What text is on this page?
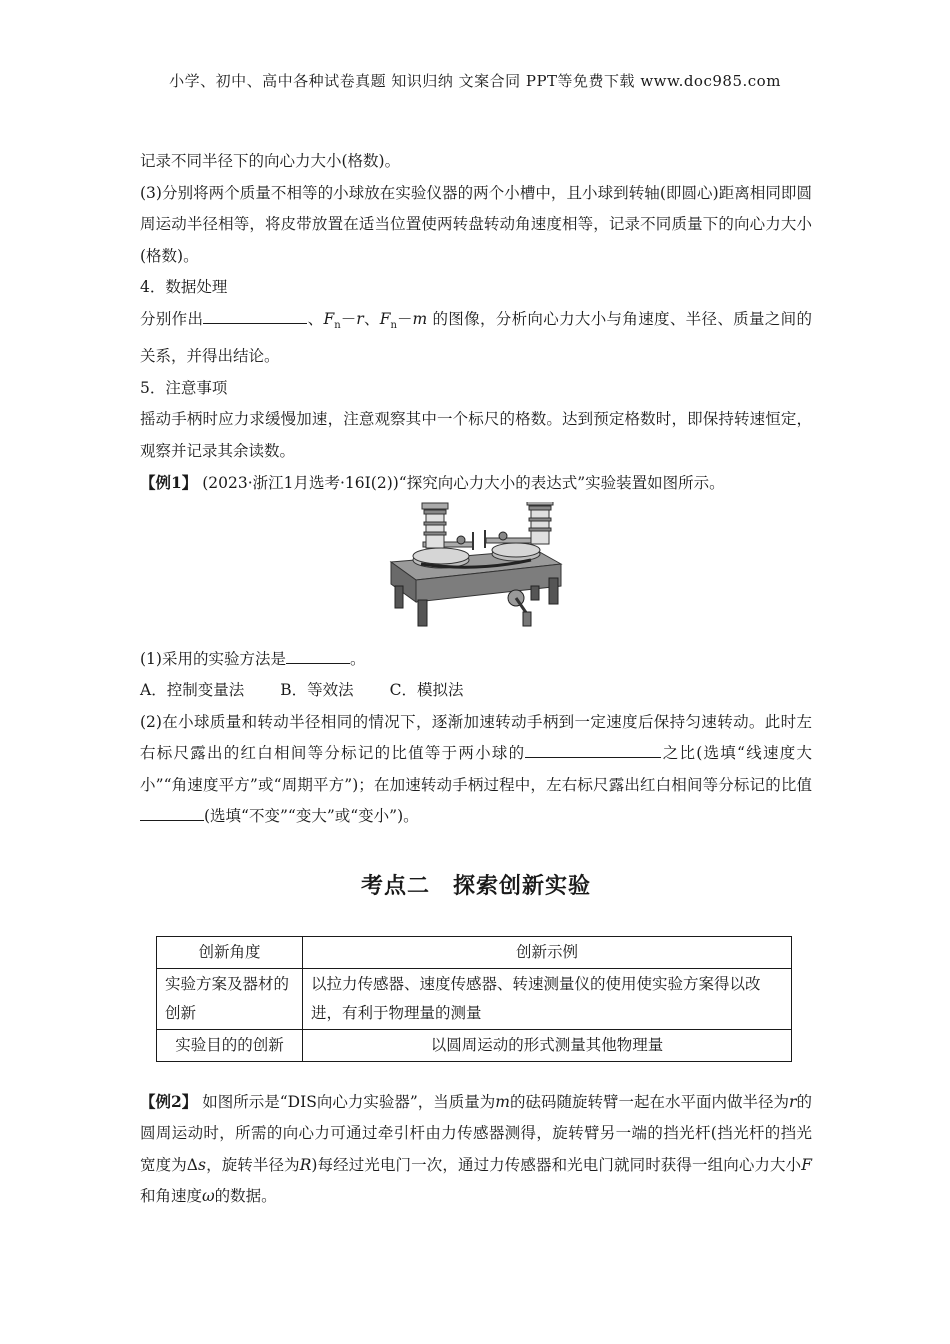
小学、初中、高中各种试卷真题 知识归纳 文案合同 PPT等免费下载 www.doc985.com

记录不同半径下的向心力大小(格数)。

(3)分别将两个质量不相等的小球放在实验仪器的两个小槽中，且小球到转轴(即圆心)距离相同即圆周运动半径相等，将皮带放置在适当位置使两转盘转动角速度相等，记录不同质量下的向心力大小(格数)。

4．数据处理

分别作出	、$F_n-r$、$F_n-m$ 的图像，分析向心力大小与角速度、半径、质量之间的关系，并得出结论。

5．注意事项

摇动手柄时应力求缓慢加速，注意观察其中一个标尺的格数。达到预定格数时，即保持转速恒定，观察并记录其余读数。

【例1】 (2023·浙江1月选考·16Ⅰ(2))“探究向心力大小的表达式”实验装置如图所示。

(1)采用的实验方法是	。

A．控制变量法 B．等效法 C．模拟法

(2)在小球质量和转动半径相同的情况下，逐渐加速转动手柄到一定速度后保持匀速转动。此时左右标尺露出的红白相间等分标记的比值等于两小球的	之比(选填“线速度大小”“角速度平方”或“周期平方”)；在加速转动手柄过程中，左右标尺露出红白相间等分标记的比值(选填“不变”“变大”或“变小”)。

考点二　探索创新实验
创新角度	创新示例
实验方案及器材的创新	以拉力传感器、速度传感器、转速测量仪的使用使实验方案得以改进，有利于物理量的测量
实验目的的创新	以圆周运动的形式测量其他物理量

【例2】 如图所示是“DIS向心力实验器”，当质量为m的砝码随旋转臂一起在水平面内做半径为r的圆周运动时，所需的向心力可通过牵引杆由力传感器测得，旋转臂另一端的挡光杆(挡光杆的挡光宽度为Δs，旋转半径为R)每经过光电门一次，通过力传感器和光电门就同时获得一组向心力大小F和角速度ω的数据。
